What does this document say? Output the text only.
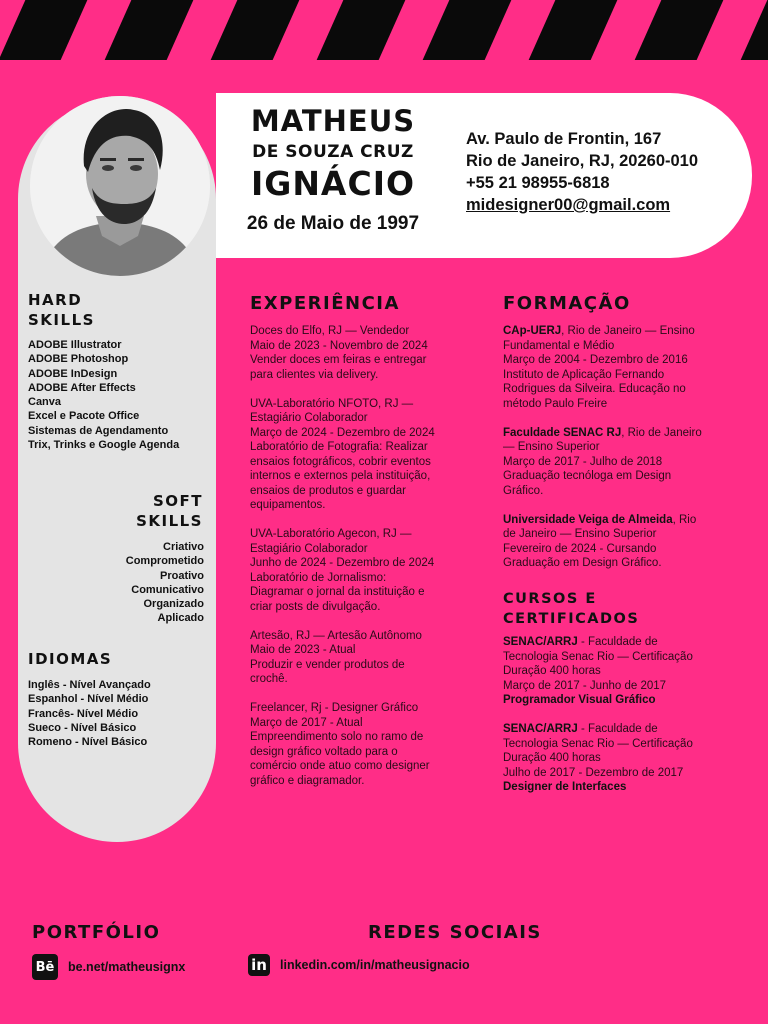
MATHEUS
DE SOUZA CRUZ
IGNÁCIO
26 de Maio de 1997
Av. Paulo de Frontin, 167
Rio de Janeiro, RJ, 20260-010
+55 21 98955-6818
midesigner00@gmail.com
HARD
SKILLS
ADOBE Illustrator
ADOBE Photoshop
ADOBE InDesign
ADOBE After Effects
Canva
Excel e Pacote Office
Sistemas de Agendamento
Trix, Trinks e Google Agenda
SOFT
SKILLS
Criativo
Comprometido
Proativo
Comunicativo
Organizado
Aplicado
IDIOMAS
Inglês - Nível Avançado
Espanhol - Nível Médio
Francês- Nível Médio
Sueco - Nível Básico
Romeno - Nível Básico
EXPERIÊNCIA
Doces do Elfo, RJ — Vendedor
Maio de 2023 - Novembro de 2024
Vender doces em feiras e entregar
para clientes via delivery.
UVA-Laboratório NFOTO, RJ —
Estagiário Colaborador
Março de 2024 - Dezembro de 2024
Laboratório de Fotografia: Realizar
ensaios fotográficos, cobrir eventos
internos e externos pela instituição,
ensaios de produtos e guardar
equipamentos.
UVA-Laboratório Agecon, RJ —
Estagiário Colaborador
Junho de 2024 - Dezembro de 2024
Laboratório de Jornalismo:
Diagramar o jornal da instituição e
criar posts de divulgação.
Artesão, RJ — Artesão Autônomo
Maio de 2023 - Atual
Produzir e vender produtos de
crochê.
Freelancer, Rj - Designer Gráfico
Março de 2017 - Atual
Empreendimento solo no ramo de
design gráfico voltado para o
comércio onde atuo como designer
gráfico e diagramador.
FORMAÇÃO
CAp-UERJ, Rio de Janeiro — Ensino
Fundamental e Médio
Março de 2004 - Dezembro de 2016
Instituto de Aplicação Fernando
Rodrigues da Silveira. Educação no
método Paulo Freire
Faculdade SENAC RJ, Rio de Janeiro
— Ensino Superior
Março de 2017 - Julho de 2018
Graduação tecnóloga em Design
Gráfico.
Universidade Veiga de Almeida, Rio
de Janeiro — Ensino Superior
Fevereiro de 2024 - Cursando
Graduação em Design Gráfico.
CURSOS E
CERTIFICADOS
SENAC/ARRJ - Faculdade de
Tecnologia Senac Rio — Certificação
Duração 400 horas
Março de 2017 - Junho de 2017
Programador Visual Gráfico
SENAC/ARRJ - Faculdade de
Tecnologia Senac Rio — Certificação
Duração 400 horas
Julho de 2017 - Dezembro de 2017
Designer de Interfaces
PORTFÓLIO
Bē be.net/matheusignx
REDES SOCIAIS
in linkedin.com/in/matheusignacio
